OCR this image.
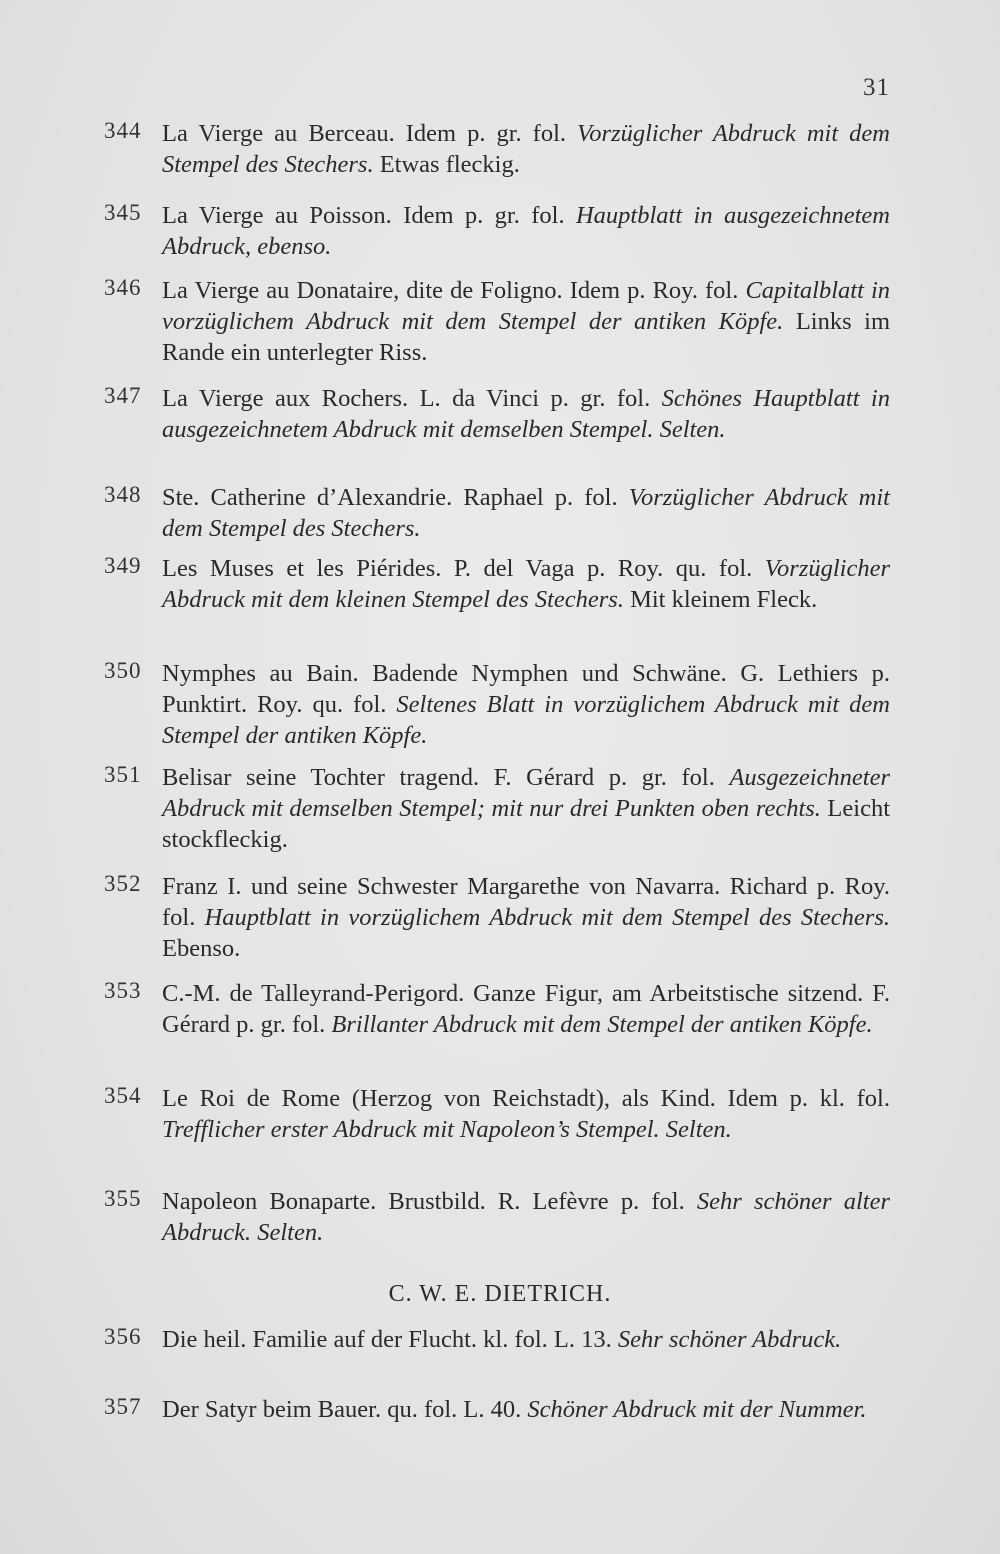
31
344 La Vierge au Berceau. Idem p. gr. fol. Vorzüglicher Abdruck mit dem Stempel des Stechers. Etwas fleckig.
345 La Vierge au Poisson. Idem p. gr. fol. Hauptblatt in ausgezeichnetem Abdruck, ebenso.
346 La Vierge au Donataire, dite de Foligno. Idem p. Roy. fol. Capitalblatt in vorzüglichem Abdruck mit dem Stempel der antiken Köpfe. Links im Rande ein unterlegter Riss.
347 La Vierge aux Rochers. L. da Vinci p. gr. fol. Schönes Hauptblatt in ausgezeichnetem Abdruck mit demselben Stempel. Selten.
348 Ste. Catherine d’Alexandrie. Raphael p. fol. Vorzüglicher Abdruck mit dem Stempel des Stechers.
349 Les Muses et les Piérides. P. del Vaga p. Roy. qu. fol. Vorzüglicher Abdruck mit dem kleinen Stempel des Stechers. Mit kleinem Fleck.
350 Nymphes au Bain. Badende Nymphen und Schwäne. G. Lethiers p. Punktirt. Roy. qu. fol. Seltenes Blatt in vorzüglichem Abdruck mit dem Stempel der antiken Köpfe.
351 Belisar seine Tochter tragend. F. Gérard p. gr. fol. Ausgezeichneter Abdruck mit demselben Stempel; mit nur drei Punkten oben rechts. Leicht stockfleckig.
352 Franz I. und seine Schwester Margarethe von Navarra. Richard p. Roy. fol. Hauptblatt in vorzüglichem Abdruck mit dem Stempel des Stechers. Ebenso.
353 C.-M. de Talleyrand-Perigord. Ganze Figur, am Arbeitstische sitzend. F. Gérard p. gr. fol. Brillanter Abdruck mit dem Stempel der antiken Köpfe.
354 Le Roi de Rome (Herzog von Reichstadt), als Kind. Idem p. kl. fol. Trefflicher erster Abdruck mit Napoleon’s Stempel. Selten.
355 Napoleon Bonaparte. Brustbild. R. Lefèvre p. fol. Sehr schöner alter Abdruck. Selten.
C. W. E. DIETRICH.
356 Die heil. Familie auf der Flucht. kl. fol. L. 13. Sehr schöner Abdruck.
357 Der Satyr beim Bauer. qu. fol. L. 40. Schöner Abdruck mit der Nummer.
